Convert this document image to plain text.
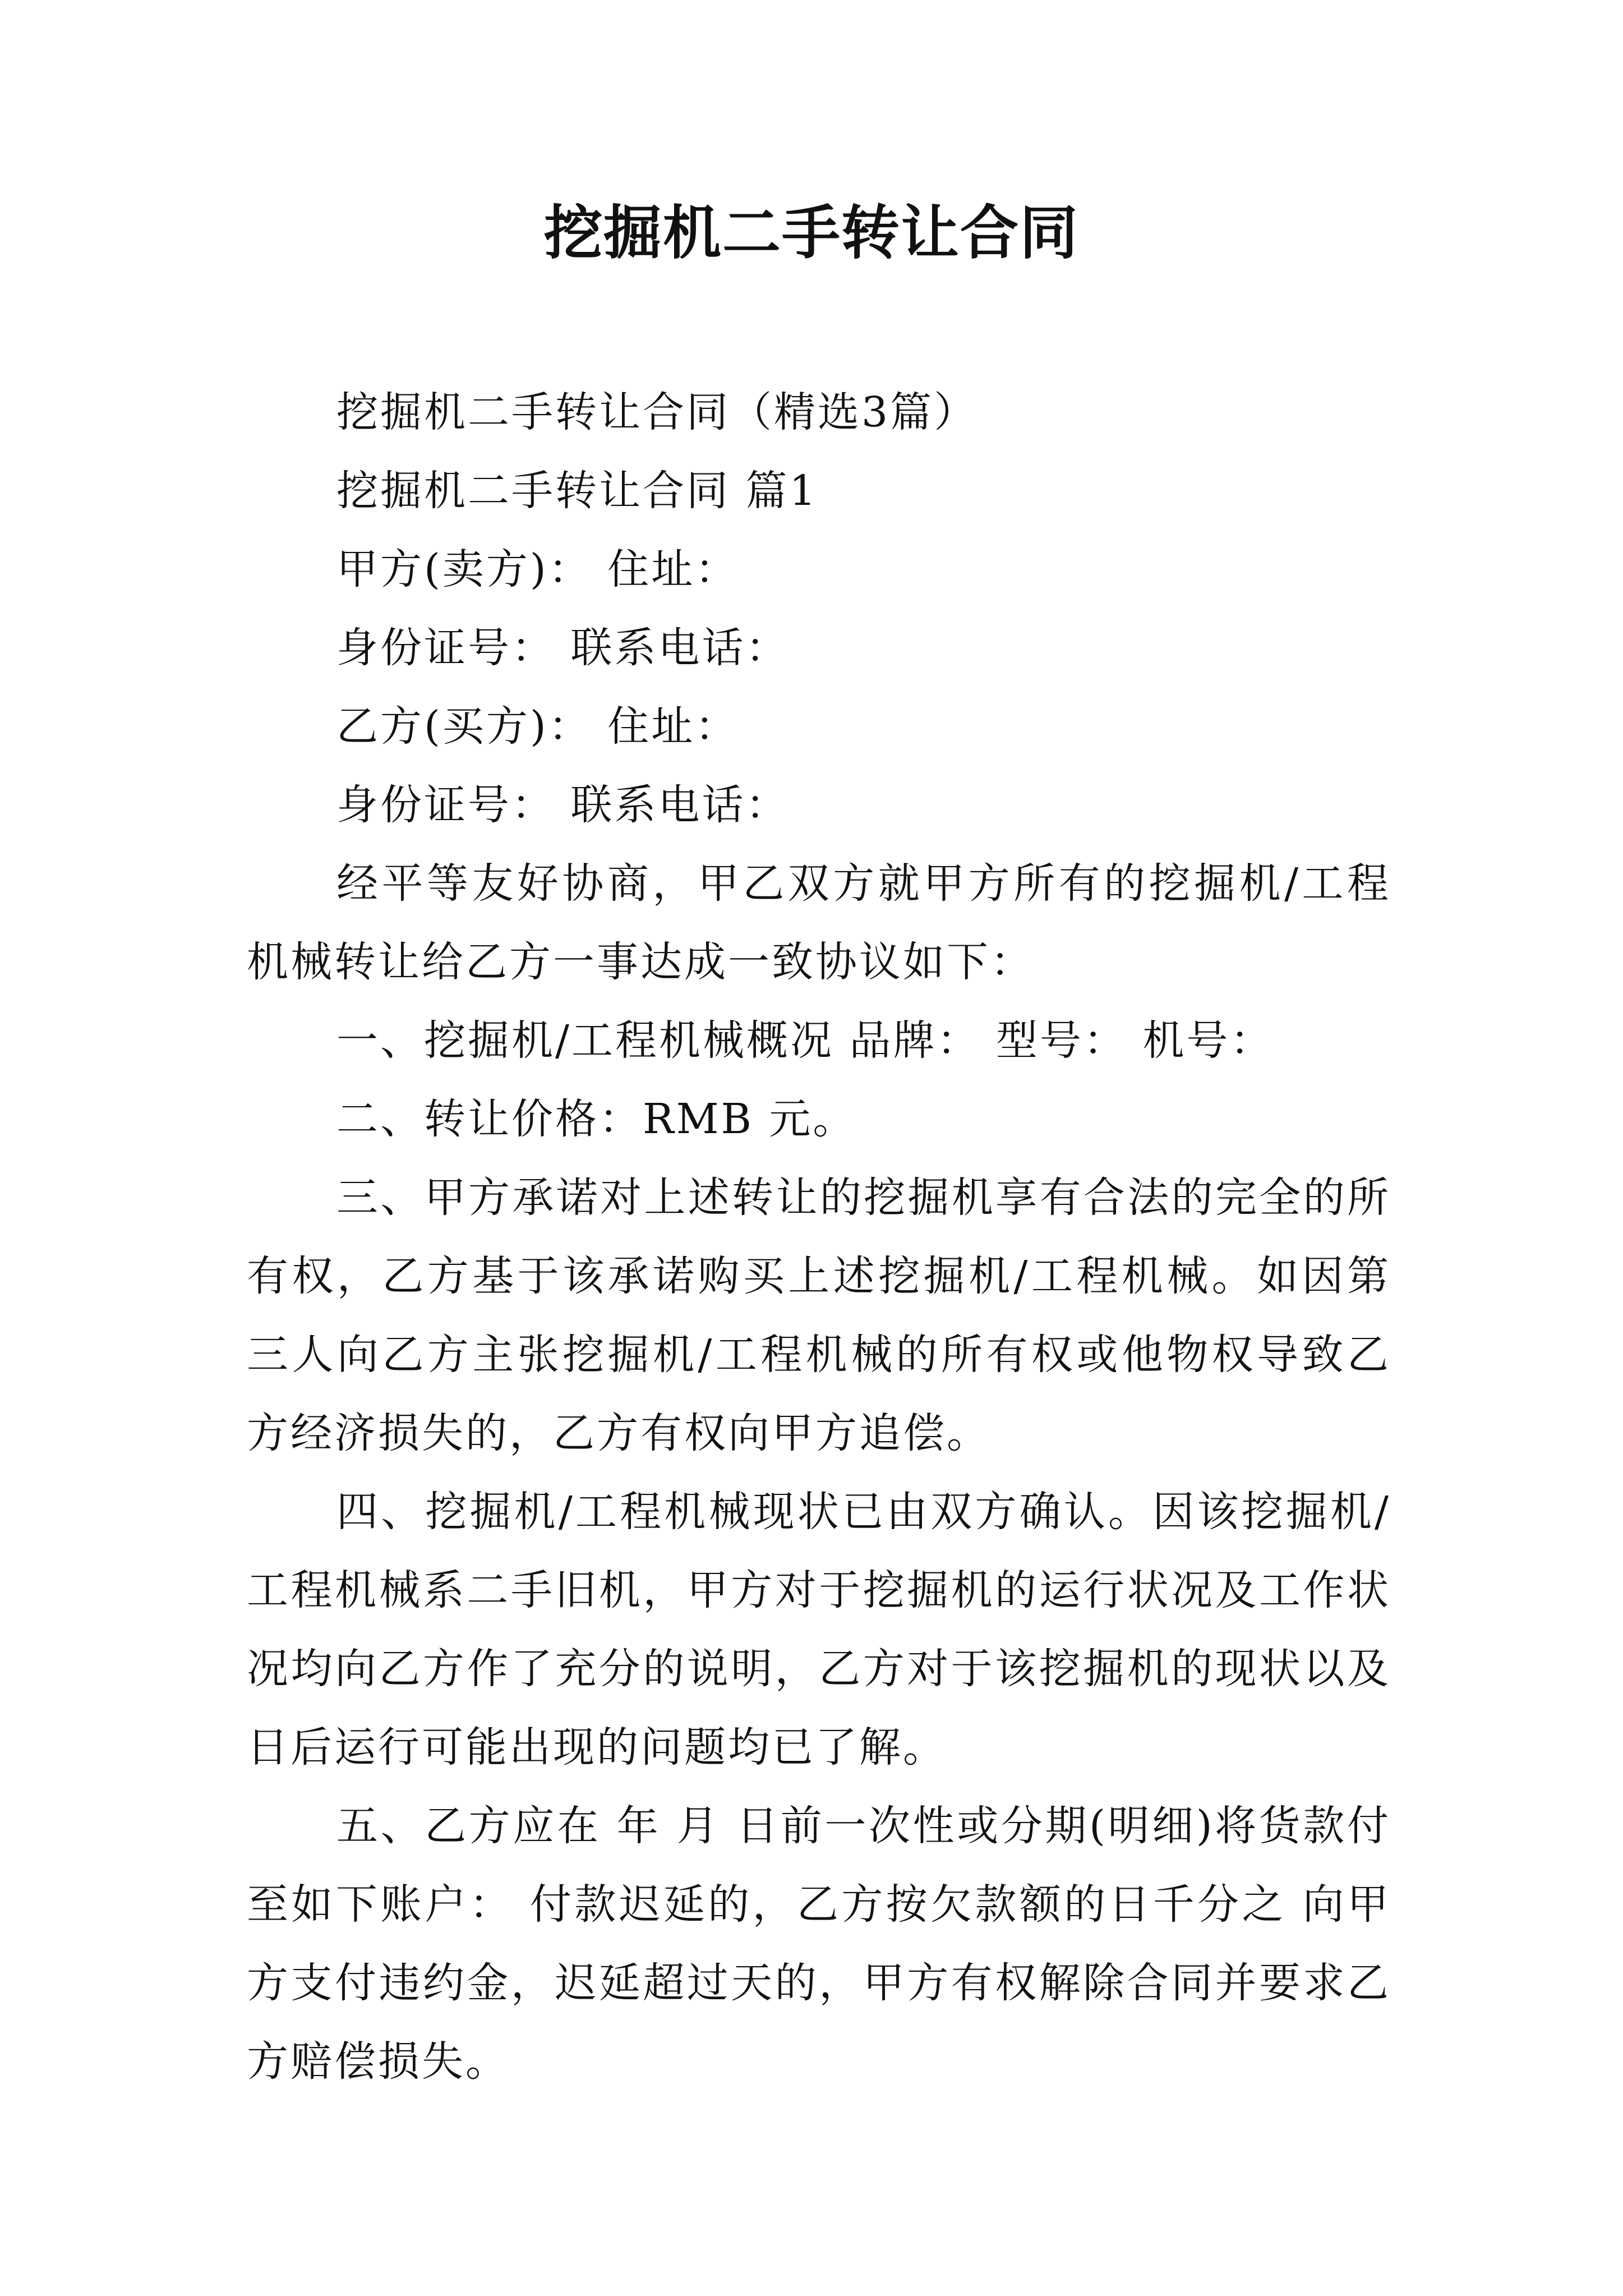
挖掘机二手转让合同

挖掘机二手转让合同（精选3篇）

挖掘机二手转让合同 篇1

甲方(卖方)： 住址：

身份证号： 联系电话：

乙方(买方)： 住址：

身份证号： 联系电话：

经平等友好协商，甲乙双方就甲方所有的挖掘机/工程机械转让给乙方一事达成一致协议如下：

一、挖掘机/工程机械概况 品牌： 型号： 机号：

二、转让价格：RMB 元。

三、甲方承诺对上述转让的挖掘机享有合法的完全的所有权，乙方基于该承诺购买上述挖掘机/工程机械。如因第三人向乙方主张挖掘机/工程机械的所有权或他物权导致乙方经济损失的，乙方有权向甲方追偿。

四、挖掘机/工程机械现状已由双方确认。因该挖掘机/工程机械系二手旧机，甲方对于挖掘机的运行状况及工作状况均向乙方作了充分的说明，乙方对于该挖掘机的现状以及日后运行可能出现的问题均已了解。

五、乙方应在 年 月 日前一次性或分期(明细)将货款付至如下账户： 付款迟延的，乙方按欠款额的日千分之 向甲方支付违约金，迟延超过天的，甲方有权解除合同并要求乙方赔偿损失。
